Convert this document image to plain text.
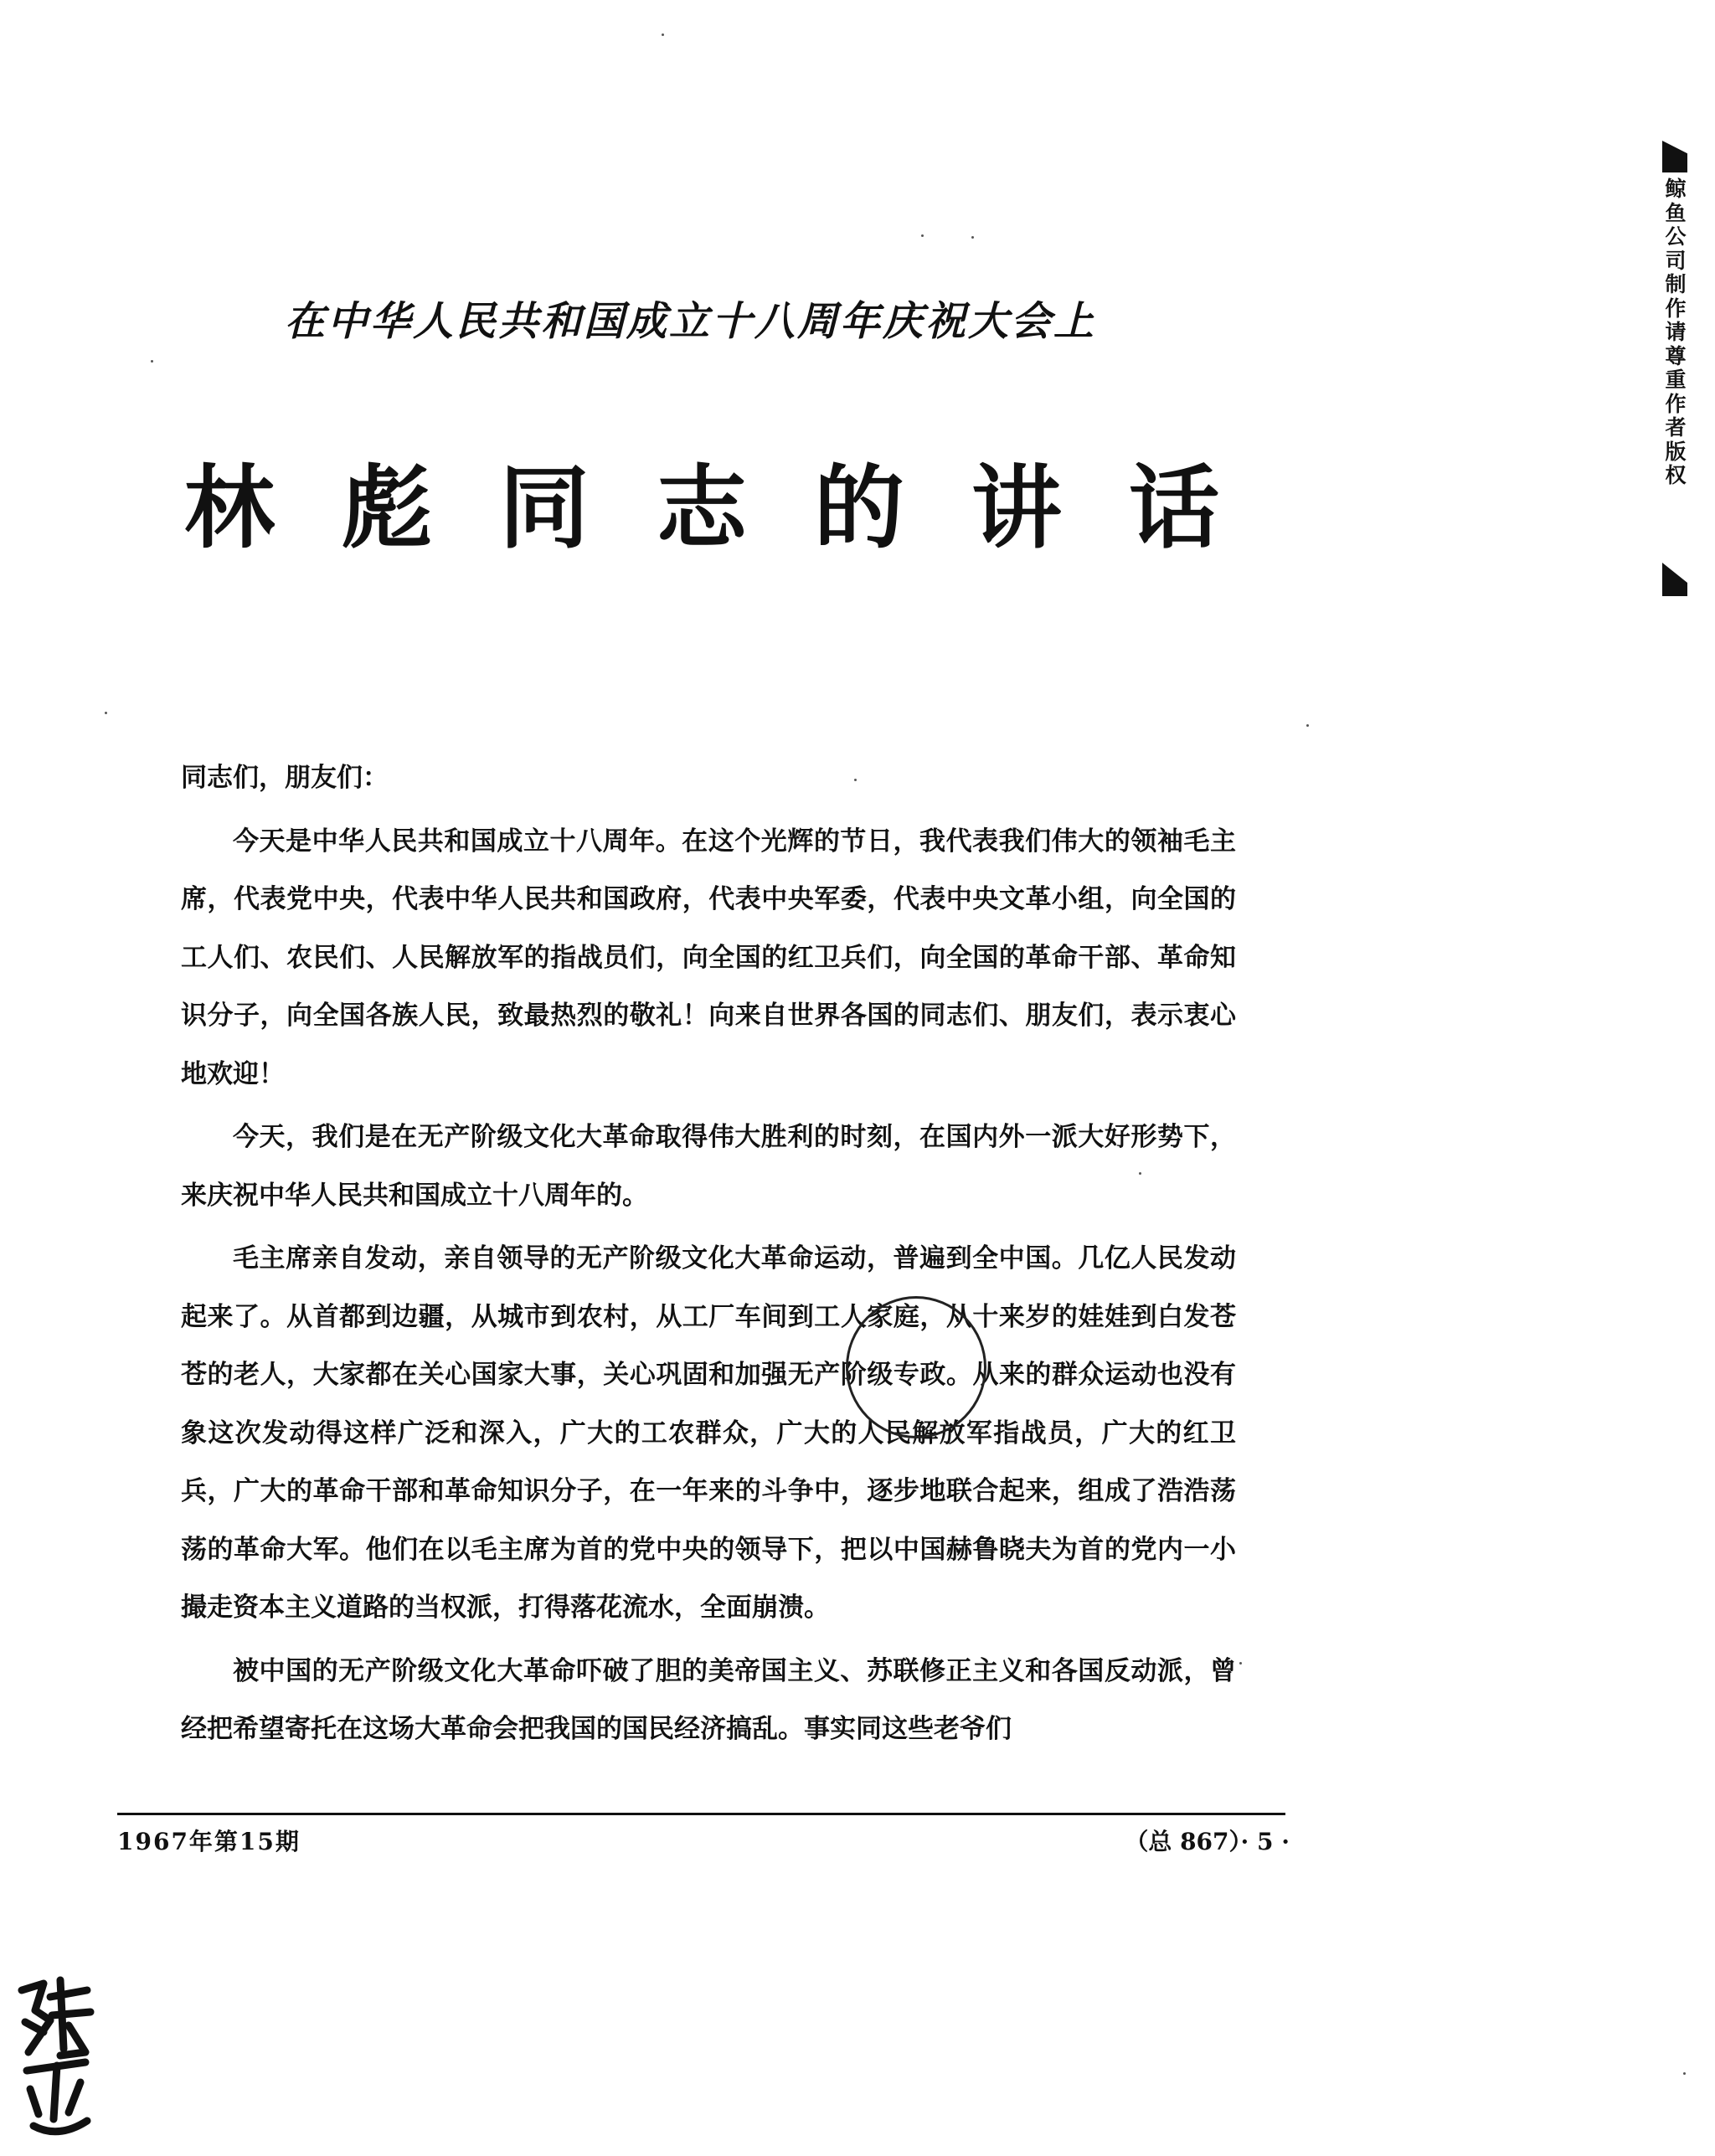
在中华人民共和国成立十八周年庆祝大会上
林彪同志的讲话

同志们，朋友们：

今天是中华人民共和国成立十八周年。在这个光辉的节日，我代表我们伟大的领袖毛主席，代表党中央，代表中华人民共和国政府，代表中央军委，代表中央文革小组，向全国的工人们、农民们、人民解放军的指战员们，向全国的红卫兵们，向全国的革命干部、革命知识分子，向全国各族人民，致最热烈的敬礼！向来自世界各国的同志们、朋友们，表示衷心地欢迎！

今天，我们是在无产阶级文化大革命取得伟大胜利的时刻，在国内外一派大好形势下，来庆祝中华人民共和国成立十八周年的。

毛主席亲自发动，亲自领导的无产阶级文化大革命运动，普遍到全中国。几亿人民发动起来了。从首都到边疆，从城市到农村，从工厂车间到工人家庭，从十来岁的娃娃到白发苍苍的老人，大家都在关心国家大事，关心巩固和加强无产阶级专政。从来的群众运动也没有象这次发动得这样广泛和深入，广大的工农群众，广大的人民解放军指战员，广大的红卫兵，广大的革命干部和革命知识分子，在一年来的斗争中，逐步地联合起来，组成了浩浩荡荡的革命大军。他们在以毛主席为首的党中央的领导下，把以中国赫鲁晓夫为首的党内一小撮走资本主义道路的当权派，打得落花流水，全面崩溃。

被中国的无产阶级文化大革命吓破了胆的美帝国主义、苏联修正主义和各国反动派，曾经把希望寄托在这场大革命会把我国的国民经济搞乱。事实同这些老爷们

1967年第15期	（总 867）· 5 ·
鲸鱼公司制作 请尊重作者版权
